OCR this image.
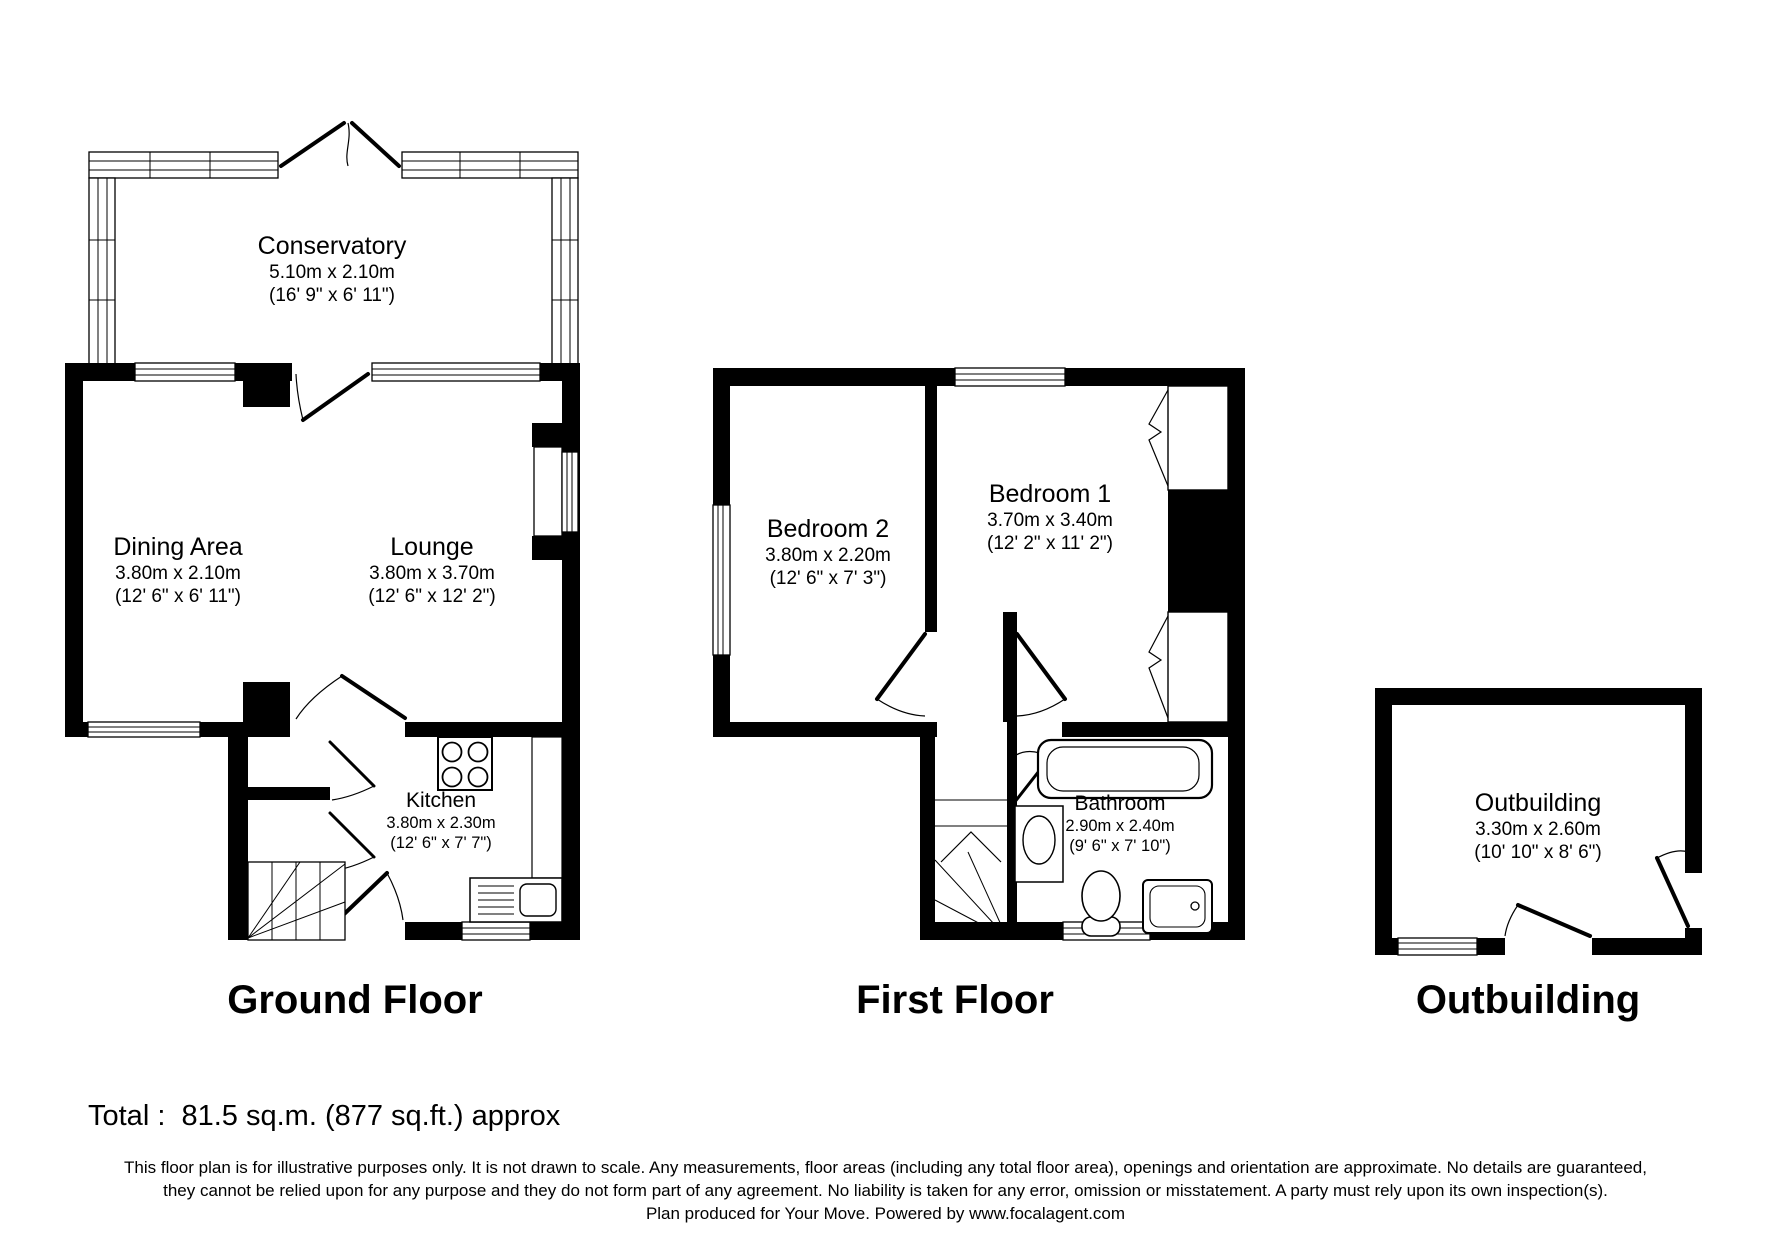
Conservatory
5.10m x 2.10m
(16' 9" x 6' 11")
Dining Area
3.80m x 2.10m
(12' 6" x 6' 11")
Lounge
3.80m x 3.70m
(12' 6" x 12' 2")
Kitchen
3.80m x 2.30m
(12' 6" x 7' 7")
Bedroom 2
3.80m x 2.20m
(12' 6" x 7' 3")
Bedroom 1
3.70m x 3.40m
(12' 2" x 11' 2")
Bathroom
2.90m x 2.40m
(9' 6" x 7' 10")
Outbuilding
3.30m x 2.60m
(10' 10" x 8' 6")
Ground Floor	First Floor	Outbuilding
Total :  81.5 sq.m. (877 sq.ft.) approx
This floor plan is for illustrative purposes only. It is not drawn to scale. Any measurements, floor areas (including any total floor area), openings and orientation are approximate. No details are guaranteed,
they cannot be relied upon for any purpose and they do not form part of any agreement. No liability is taken for any error, omission or misstatement. A party must rely upon its own inspection(s).
Plan produced for Your Move. Powered by www.focalagent.com
